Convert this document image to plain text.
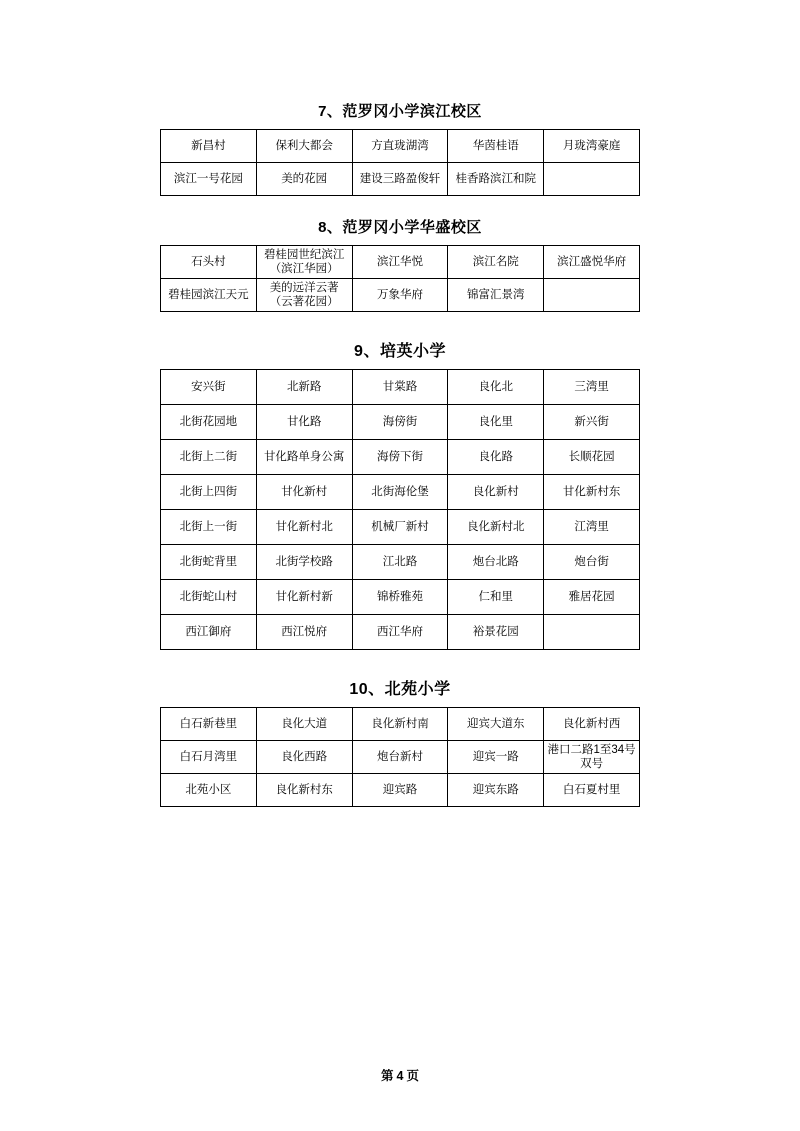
7、范罗冈小学滨江校区
新昌村	保利大都会	方直珑湖湾	华茵桂语	月珑湾豪庭
滨江一号花园	美的花园	建设三路盈俊轩	桂香路滨江和院	
8、范罗冈小学华盛校区
石头村	碧桂园世纪滨江（滨江华园）	滨江华悦	滨江名院	滨江盛悦华府
碧桂园滨江天元	美的远洋云著（云著花园）	万象华府	锦富汇景湾	
9、培英小学
安兴街	北新路	甘棠路	良化北	三湾里
北街花园地	甘化路	海傍街	良化里	新兴街
北街上二街	甘化路单身公寓	海傍下街	良化路	长顺花园
北街上四街	甘化新村	北街海伦堡	良化新村	甘化新村东
北街上一街	甘化新村北	机械厂新村	良化新村北	江湾里
北街蛇背里	北街学校路	江北路	炮台北路	炮台街
北街蛇山村	甘化新村新	锦桥雅苑	仁和里	雅居花园
西江御府	西江悦府	西江华府	裕景花园	
10、北苑小学
白石新巷里	良化大道	良化新村南	迎宾大道东	良化新村西
白石月湾里	良化西路	炮台新村	迎宾一路	港口二路1至34号双号
北苑小区	良化新村东	迎宾路	迎宾东路	白石夏村里
第 4 页
